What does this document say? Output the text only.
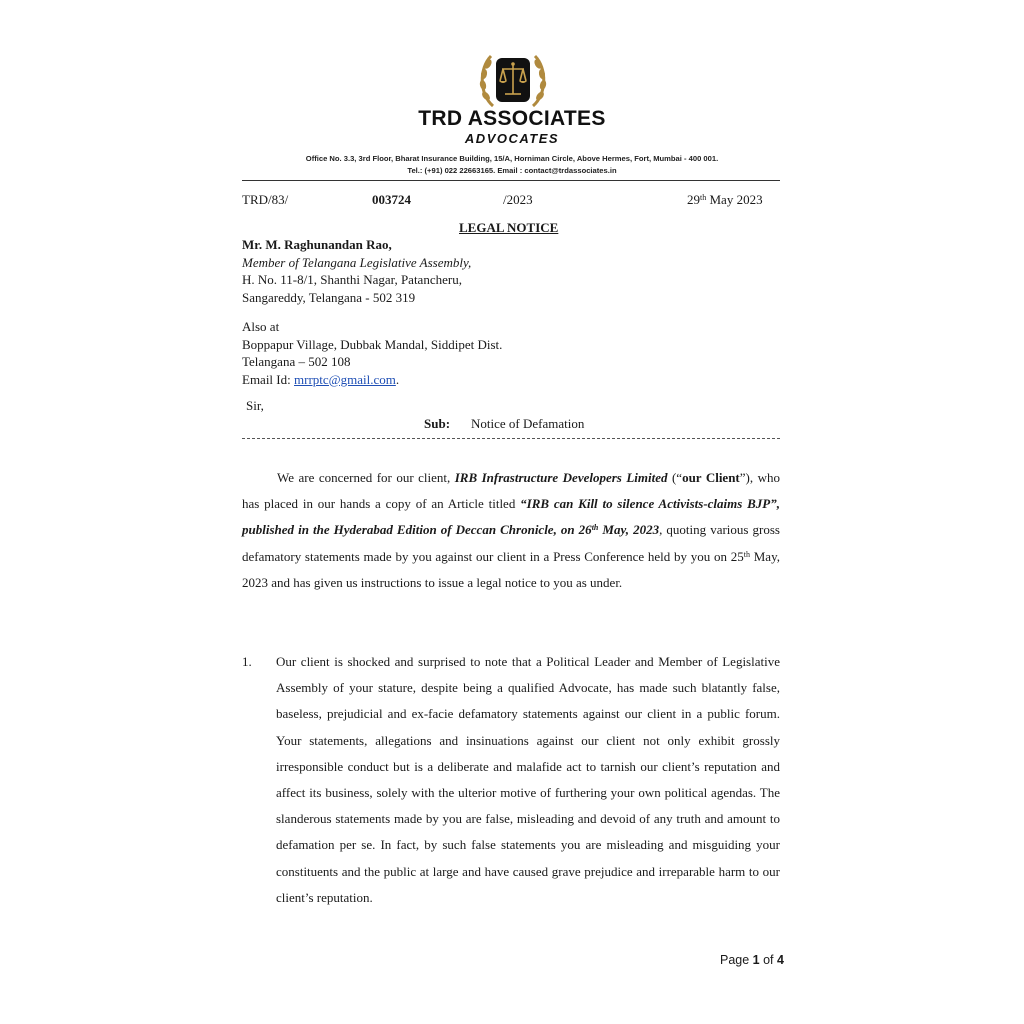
TRD ASSOCIATES
ADVOCATES
Office No. 3.3, 3rd Floor, Bharat Insurance Building, 15/A, Horniman Circle, Above Hermes, Fort, Mumbai - 400 001.
Tel.: (+91) 022 22663165. Email : contact@trdassociates.in
TRD/83/	003724	/2023	29th May 2023
LEGAL NOTICE
Mr. M. Raghunandan Rao,
Member of Telangana Legislative Assembly,
H. No. 11-8/1, Shanthi Nagar, Patancheru,
Sangareddy, Telangana - 502 319
Also at
Boppapur Village, Dubbak Mandal, Siddipet Dist.
Telangana – 502 108
Email Id: mrrptc@gmail.com.
Sir,
Sub: Notice of Defamation
We are concerned for our client, IRB Infrastructure Developers Limited (“our Client”), who has placed in our hands a copy of an Article titled “IRB can Kill to silence Activists-claims BJP”, published in the Hyderabad Edition of Deccan Chronicle, on 26th May, 2023, quoting various gross defamatory statements made by you against our client in a Press Conference held by you on 25th May, 2023 and has given us instructions to issue a legal notice to you as under.
1. Our client is shocked and surprised to note that a Political Leader and Member of Legislative Assembly of your stature, despite being a qualified Advocate, has made such blatantly false, baseless, prejudicial and ex-facie defamatory statements against our client in a public forum. Your statements, allegations and insinuations against our client not only exhibit grossly irresponsible conduct but is a deliberate and malafide act to tarnish our client’s reputation and affect its business, solely with the ulterior motive of furthering your own political agendas. The slanderous statements made by you are false, misleading and devoid of any truth and amount to defamation per se. In fact, by such false statements you are misleading and misguiding your constituents and the public at large and have caused grave prejudice and irreparable harm to our client’s reputation.
Page 1 of 4
